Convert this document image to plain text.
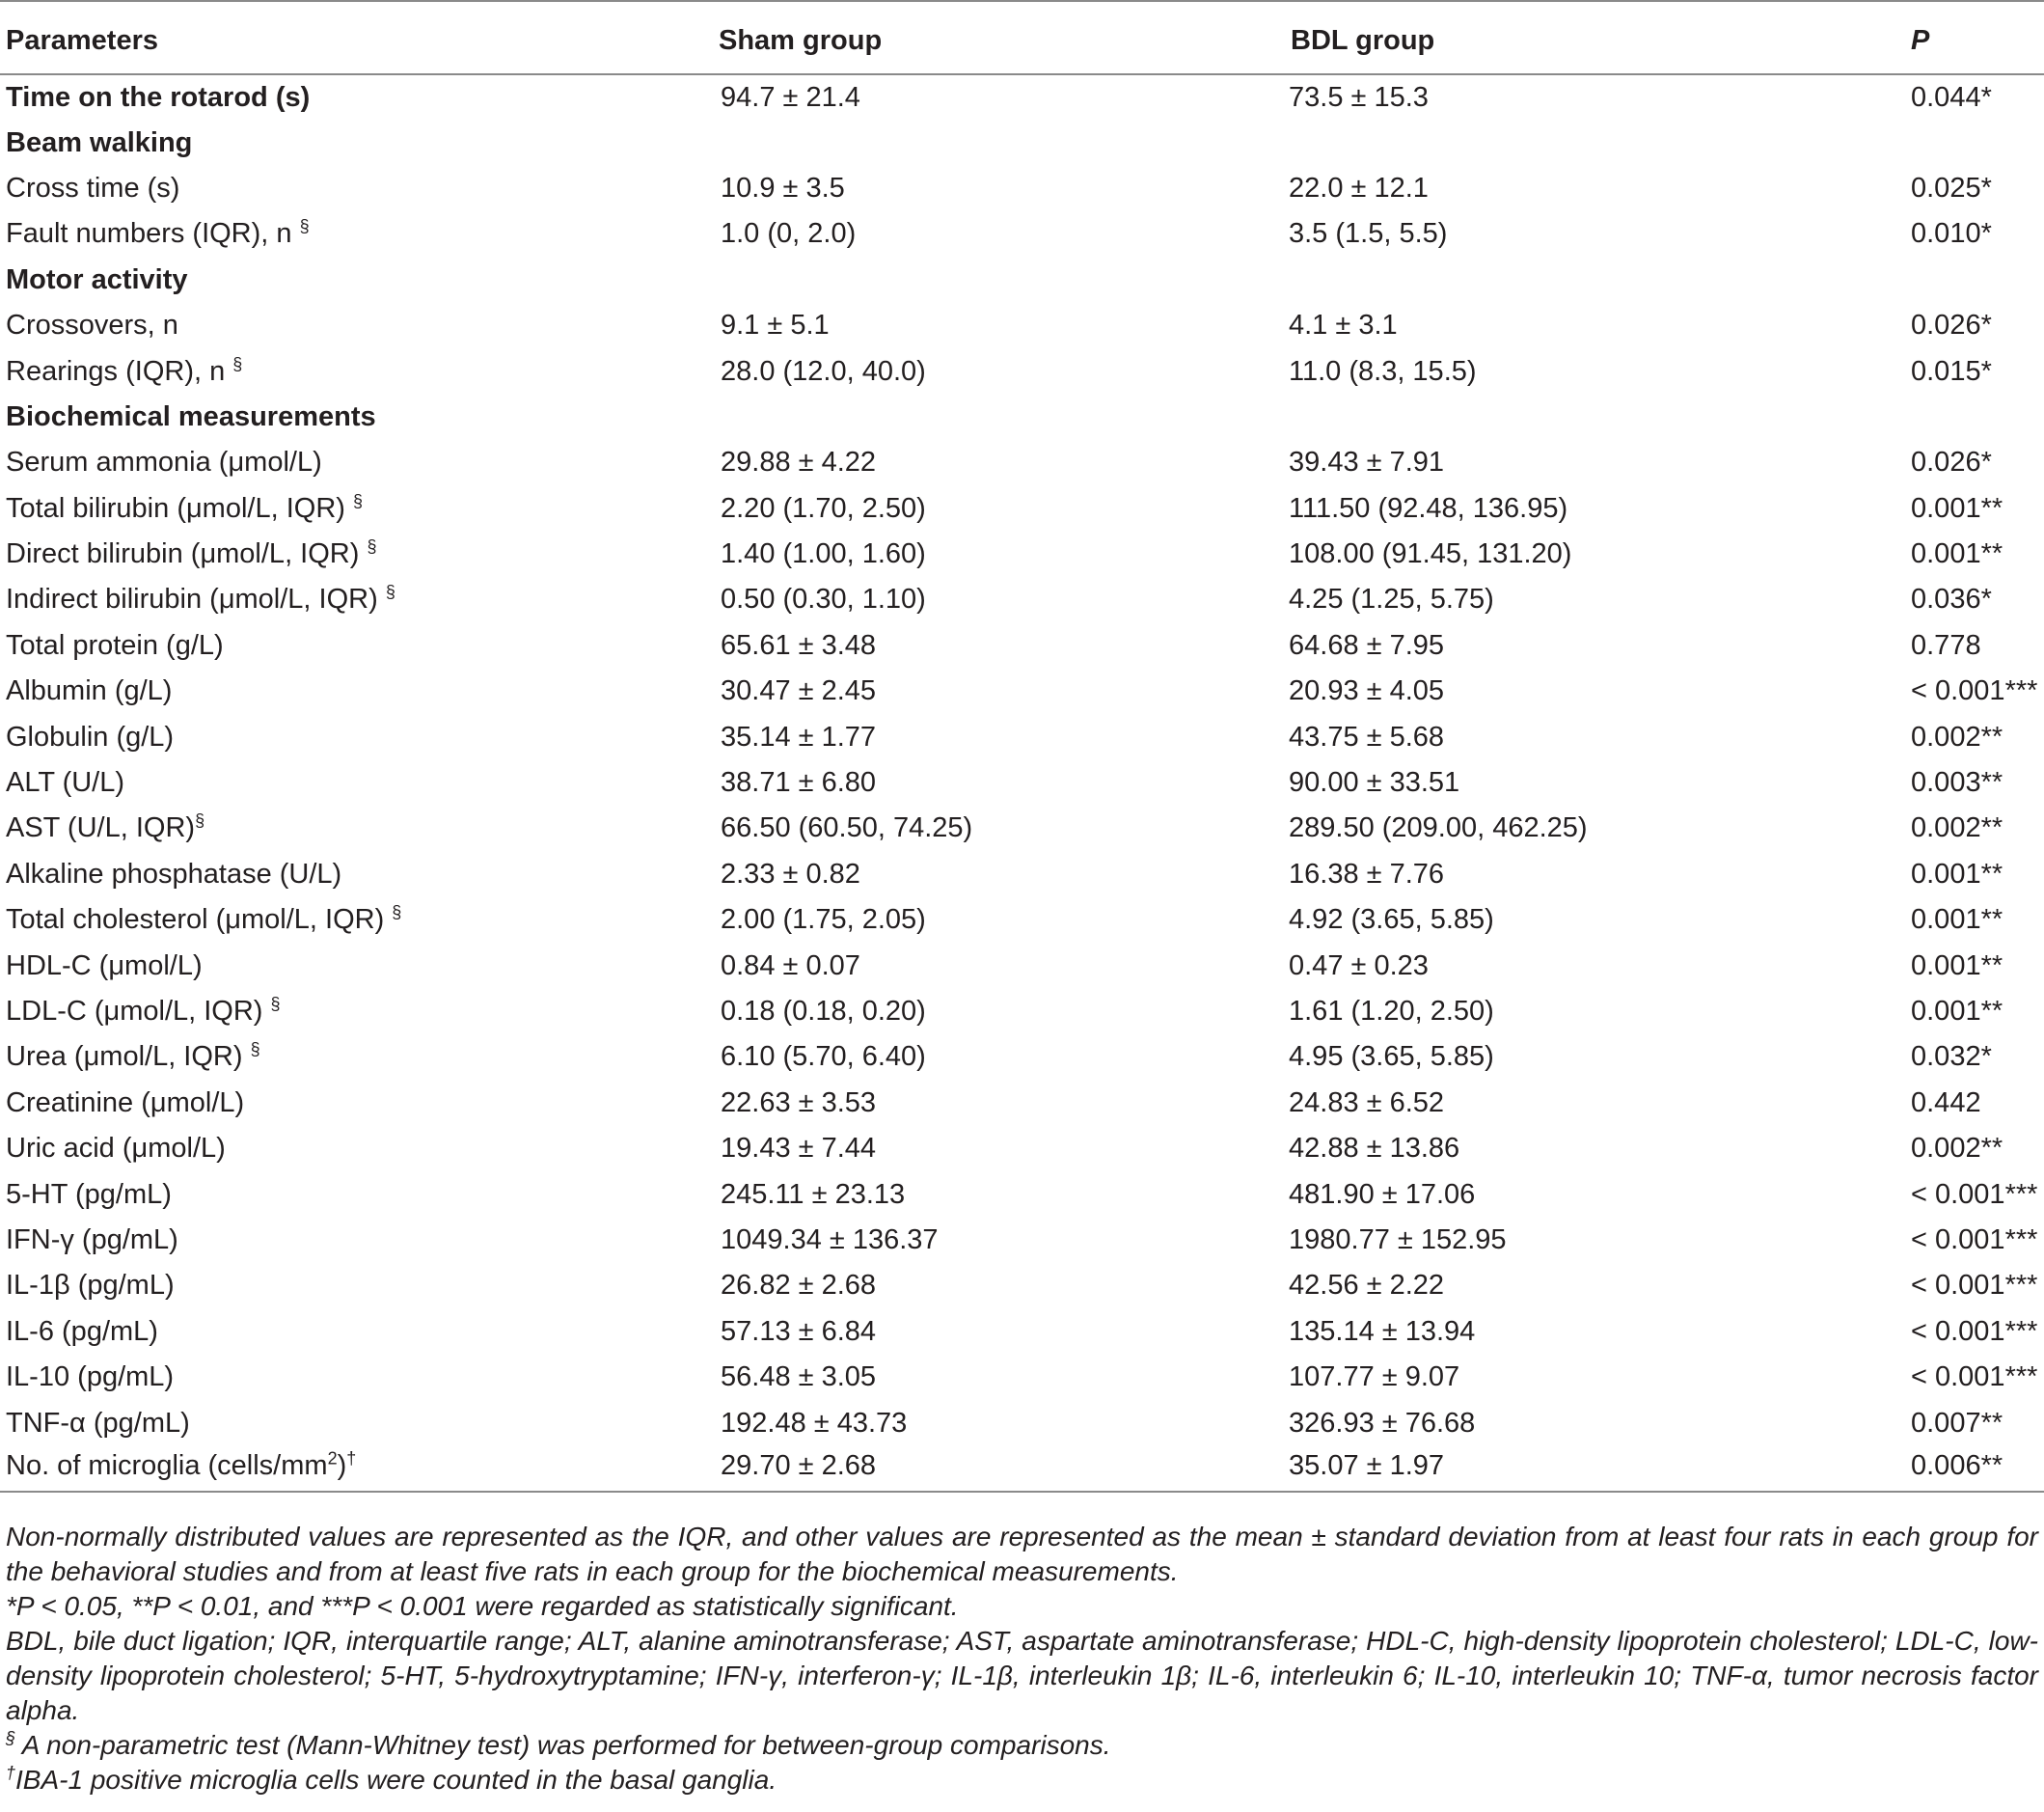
Parameters	Sham group	BDL group	P
Time on the rotarod (s)	94.7 ± 21.4	73.5 ± 15.3	0.044*
Beam walking			
Cross time (s)	10.9 ± 3.5	22.0 ± 12.1	0.025*
Fault numbers (IQR), n §	1.0 (0, 2.0)	3.5 (1.5, 5.5)	0.010*
Motor activity			
Crossovers, n	9.1 ± 5.1	4.1 ± 3.1	0.026*
Rearings (IQR), n §	28.0 (12.0, 40.0)	11.0 (8.3, 15.5)	0.015*
Biochemical measurements			
Serum ammonia (μmol/L)	29.88 ± 4.22	39.43 ± 7.91	0.026*
Total bilirubin (μmol/L, IQR) §	2.20 (1.70, 2.50)	111.50 (92.48, 136.95)	0.001**
Direct bilirubin (μmol/L, IQR) §	1.40 (1.00, 1.60)	108.00 (91.45, 131.20)	0.001**
Indirect bilirubin (μmol/L, IQR) §	0.50 (0.30, 1.10)	4.25 (1.25, 5.75)	0.036*
Total protein (g/L)	65.61 ± 3.48	64.68 ± 7.95	0.778
Albumin (g/L)	30.47 ± 2.45	20.93 ± 4.05	< 0.001***
Globulin (g/L)	35.14 ± 1.77	43.75 ± 5.68	0.002**
ALT (U/L)	38.71 ± 6.80	90.00 ± 33.51	0.003**
AST (U/L, IQR)§	66.50 (60.50, 74.25)	289.50 (209.00, 462.25)	0.002**
Alkaline phosphatase (U/L)	2.33 ± 0.82	16.38 ± 7.76	0.001**
Total cholesterol (μmol/L, IQR) §	2.00 (1.75, 2.05)	4.92 (3.65, 5.85)	0.001**
HDL-C (μmol/L)	0.84 ± 0.07	0.47 ± 0.23	0.001**
LDL-C (μmol/L, IQR) §	0.18 (0.18, 0.20)	1.61 (1.20, 2.50)	0.001**
Urea (μmol/L, IQR) §	6.10 (5.70, 6.40)	4.95 (3.65, 5.85)	0.032*
Creatinine (μmol/L)	22.63 ± 3.53	24.83 ± 6.52	0.442
Uric acid (μmol/L)	19.43 ± 7.44	42.88 ± 13.86	0.002**
5-HT (pg/mL)	245.11 ± 23.13	481.90 ± 17.06	< 0.001***
IFN-γ (pg/mL)	1049.34 ± 136.37	1980.77 ± 152.95	< 0.001***
IL-1β (pg/mL)	26.82 ± 2.68	42.56 ± 2.22	< 0.001***
IL-6 (pg/mL)	57.13 ± 6.84	135.14 ± 13.94	< 0.001***
IL-10 (pg/mL)	56.48 ± 3.05	107.77 ± 9.07	< 0.001***
TNF-α (pg/mL)	192.48 ± 43.73	326.93 ± 76.68	0.007**
No. of microglia $(cells/mm^2)^\dagger$	29.70 ± 2.68	35.07 ± 1.97	0.006**

Non-normally distributed values are represented as the IQR, and other values are represented as the mean ± standard deviation from at least four rats in each group for the behavioral studies and from at least five rats in each group for the biochemical measurements.

*P < 0.05, **P < 0.01, and ***P < 0.001 were regarded as statistically significant.

BDL, bile duct ligation; IQR, interquartile range; ALT, alanine aminotransferase; AST, aspartate aminotransferase; HDL-C, high-density lipoprotein cholesterol; LDL-C, low-density lipoprotein cholesterol; 5-HT, 5-hydroxytryptamine; IFN-γ, interferon-γ; IL-1β, interleukin 1β; IL-6, interleukin 6; IL-10, interleukin 10; TNF-α, tumor necrosis factor alpha.

§ A non-parametric test (Mann-Whitney test) was performed for between-group comparisons.

†IBA-1 positive microglia cells were counted in the basal ganglia.
